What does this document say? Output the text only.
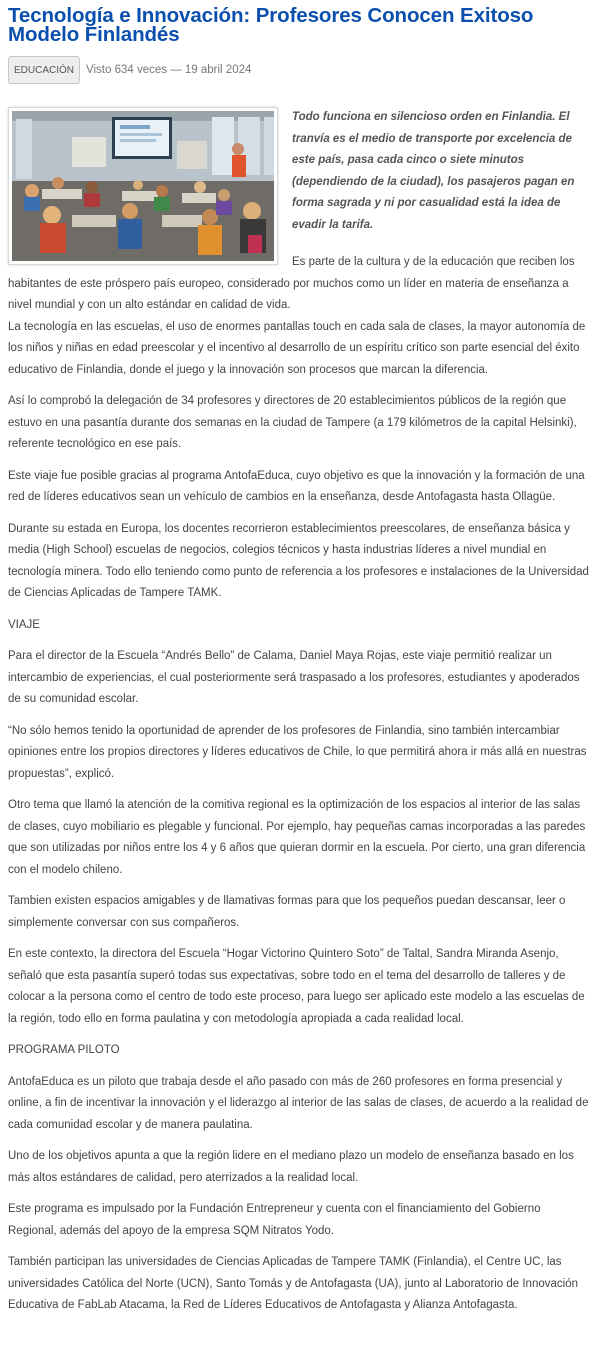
Tecnología e Innovación: Profesores Conocen Exitoso Modelo Finlandés
EDUCACIÓN	Visto 634 veces — 19 abril 2024

Todo funciona en silencioso orden en Finlandia. El tranvía es el medio de transporte por excelencia de este país, pasa cada cinco o siete minutos (dependiendo de la ciudad), los pasajeros pagan en forma sagrada y ni por casualidad está la idea de evadir la tarifa.

Es parte de la cultura y de la educación que reciben los habitantes de este próspero país europeo, considerado por muchos como un líder en materia de enseñanza a nivel mundial y con un alto estándar en calidad de vida.

La tecnología en las escuelas, el uso de enormes pantallas touch en cada sala de clases, la mayor autonomía de los niños y niñas en edad preescolar y el incentivo al desarrollo de un espíritu crítico son parte esencial del éxito educativo de Finlandia, donde el juego y la innovación son procesos que marcan la diferencia.

Así lo comprobó la delegación de 34 profesores y directores de 20 establecimientos públicos de la región que estuvo en una pasantía durante dos semanas en la ciudad de Tampere (a 179 kilómetros de la capital Helsinki), referente tecnológico en ese país.

Este viaje fue posible gracias al programa AntofaEduca, cuyo objetivo es que la innovación y la formación de una red de líderes educativos sean un vehículo de cambios en la enseñanza, desde Antofagasta hasta Ollagüe.

Durante su estada en Europa, los docentes recorrieron establecimientos preescolares, de enseñanza básica y media (High School) escuelas de negocios, colegios técnicos y hasta industrias líderes a nivel mundial en tecnología minera. Todo ello teniendo como punto de referencia a los profesores e instalaciones de la Universidad de Ciencias Aplicadas de Tampere TAMK.

VIAJE

Para el director de la Escuela “Andrés Bello” de Calama, Daniel Maya Rojas, este viaje permitió realizar un intercambio de experiencias, el cual posteriormente será traspasado a los profesores, estudiantes y apoderados de su comunidad escolar.

“No sólo hemos tenido la oportunidad de aprender de los profesores de Finlandia, sino también intercambiar opiniones entre los propios directores y líderes educativos de Chile, lo que permitirá ahora ir más allá en nuestras propuestas”, explicó.

Otro tema que llamó la atención de la comitiva regional es la optimización de los espacios al interior de las salas de clases, cuyo mobiliario es plegable y funcional. Por ejemplo, hay pequeñas camas incorporadas a las paredes que son utilizadas por niños entre los 4 y 6 años que quieran dormir en la escuela. Por cierto, una gran diferencia con el modelo chileno.

Tambien existen espacios amigables y de llamativas formas para que los pequeños puedan descansar, leer o simplemente conversar con sus compañeros.

En este contexto, la directora del Escuela “Hogar Victorino Quintero Soto” de Taltal, Sandra Miranda Asenjo, señaló que esta pasantía superó todas sus expectativas, sobre todo en el tema del desarrollo de talleres y de colocar a la persona como el centro de todo este proceso, para luego ser aplicado este modelo a las escuelas de la región, todo ello en forma paulatina y con metodología apropiada a cada realidad local.

PROGRAMA PILOTO

AntofaEduca es un piloto que trabaja desde el año pasado con más de 260 profesores en forma presencial y online, a fin de incentivar la innovación y el liderazgo al interior de las salas de clases, de acuerdo a la realidad de cada comunidad escolar y de manera paulatina.

Uno de los objetivos apunta a que la región lidere en el mediano plazo un modelo de enseñanza basado en los más altos estándares de calidad, pero aterrizados a la realidad local.

Este programa es impulsado por la Fundación Entrepreneur y cuenta con el financiamiento del Gobierno Regional, además del apoyo de la empresa SQM Nitratos Yodo.

También participan las universidades de Ciencias Aplicadas de Tampere TAMK (Finlandia), el Centre UC, las universidades Católica del Norte (UCN), Santo Tomás y de Antofagasta (UA), junto al Laboratorio de Innovación Educativa de FabLab Atacama, la Red de Líderes Educativos de Antofagasta y Alianza Antofagasta.
